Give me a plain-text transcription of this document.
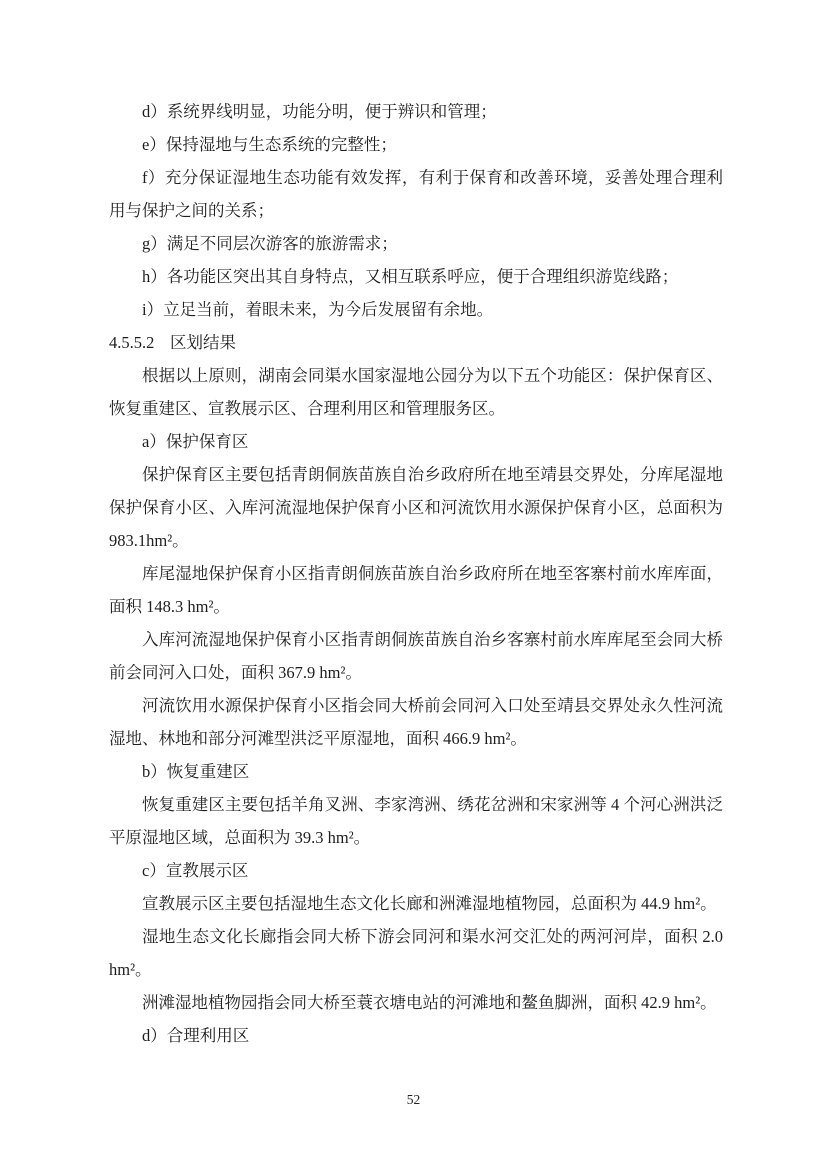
d）系统界线明显，功能分明，便于辨识和管理；

e）保持湿地与生态系统的完整性；

f）充分保证湿地生态功能有效发挥，有利于保育和改善环境，妥善处理合理利用与保护之间的关系；

g）满足不同层次游客的旅游需求；

h）各功能区突出其自身特点，又相互联系呼应，便于合理组织游览线路；

i）立足当前，着眼未来，为今后发展留有余地。

4.5.5.2 区划结果

根据以上原则，湖南会同渠水国家湿地公园分为以下五个功能区：保护保育区、恢复重建区、宣教展示区、合理利用区和管理服务区。

a）保护保育区

保护保育区主要包括青朗侗族苗族自治乡政府所在地至靖县交界处，分库尾湿地保护保育小区、入库河流湿地保护保育小区和河流饮用水源保护保育小区，总面积为983.1hm²。

库尾湿地保护保育小区指青朗侗族苗族自治乡政府所在地至客寨村前水库库面，面积 148.3 hm²。

入库河流湿地保护保育小区指青朗侗族苗族自治乡客寨村前水库库尾至会同大桥前会同河入口处，面积 367.9 hm²。

河流饮用水源保护保育小区指会同大桥前会同河入口处至靖县交界处永久性河流湿地、林地和部分河滩型洪泛平原湿地，面积 466.9 hm²。

b）恢复重建区

恢复重建区主要包括羊角叉洲、李家湾洲、绣花岔洲和宋家洲等 4 个河心洲洪泛平原湿地区域，总面积为 39.3 hm²。

c）宣教展示区

宣教展示区主要包括湿地生态文化长廊和洲滩湿地植物园，总面积为 44.9 hm²。

湿地生态文化长廊指会同大桥下游会同河和渠水河交汇处的两河河岸，面积 2.0 hm²。

洲滩湿地植物园指会同大桥至蓑衣塘电站的河滩地和鳌鱼脚洲，面积 42.9 hm²。

d）合理利用区

52
